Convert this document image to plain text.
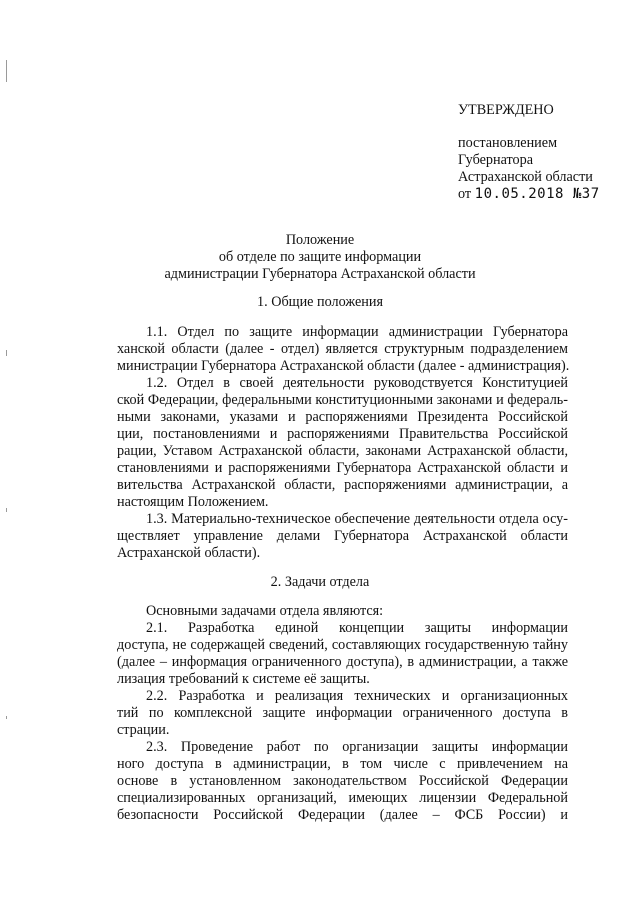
УТВЕРЖДЕНО
постановлением
Губернатора
Астраханской области
от 10.05.2018 №37
Положение
об отделе по защите информации
администрации Губернатора Астраханской области
1. Общие положения
1.1. Отдел по защите информации администрации Губернатора
ханской области (далее - отдел) является структурным подразделением
министрации Губернатора Астраханской области (далее - администрация).
1.2. Отдел в своей деятельности руководствуется Конституцией
ской Федерации, федеральными конституционными законами и федераль-
ными законами, указами и распоряжениями Президента Российской
ции, постановлениями и распоряжениями Правительства Российской
рации, Уставом Астраханской области, законами Астраханской области,
становлениями и распоряжениями Губернатора Астраханской области и
вительства Астраханской области, распоряжениями администрации, а
настоящим Положением.
1.3. Материально-техническое обеспечение деятельности отдела осу-
ществляет управление делами Губернатора Астраханской области
Астраханской области).
2. Задачи отдела
Основными задачами отдела являются:
2.1. Разработка единой концепции защиты информации
доступа, не содержащей сведений, составляющих государственную тайну
(далее – информация ограниченного доступа), в администрации, а также
лизация требований к системе её защиты.
2.2. Разработка и реализация технических и организационных
тий по комплексной защите информации ограниченного доступа в
страции.
2.3. Проведение работ по организации защиты информации
ного доступа в администрации, в том числе с привлечением на
основе в установленном законодательством Российской Федерации
специализированных организаций, имеющих лицензии Федеральной
безопасности Российской Федерации (далее – ФСБ России) и
